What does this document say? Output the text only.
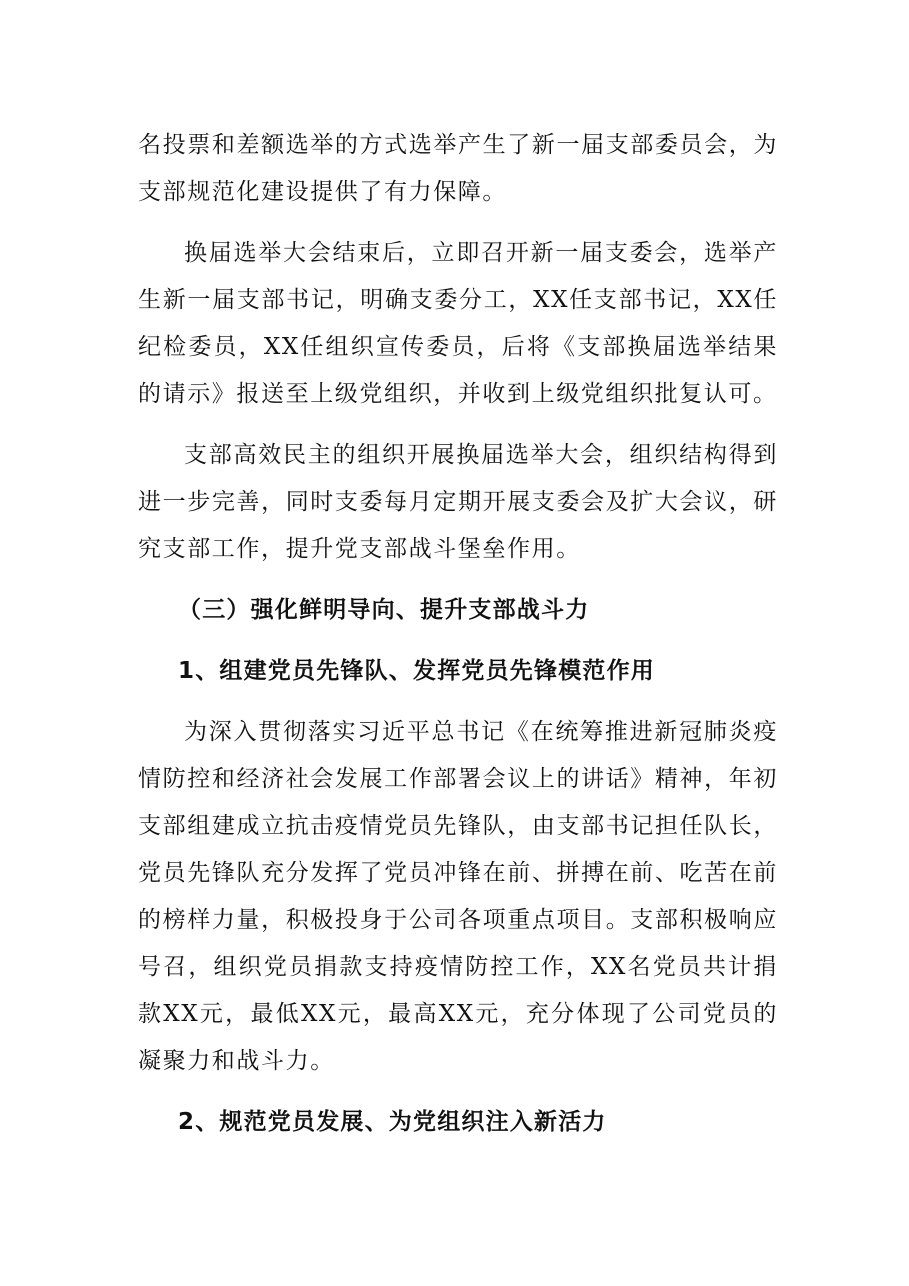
名投票和差额选举的方式选举产生了新一届支部委员会，为支部规范化建设提供了有力保障。

换届选举大会结束后，立即召开新一届支委会，选举产生新一届支部书记，明确支委分工，XX任支部书记，XX任纪检委员，XX任组织宣传委员，后将《支部换届选举结果的请示》报送至上级党组织，并收到上级党组织批复认可。

支部高效民主的组织开展换届选举大会，组织结构得到进一步完善，同时支委每月定期开展支委会及扩大会议，研究支部工作，提升党支部战斗堡垒作用。

（三）强化鲜明导向、提升支部战斗力
1、组建党员先锋队、发挥党员先锋模范作用

为深入贯彻落实习近平总书记《在统筹推进新冠肺炎疫情防控和经济社会发展工作部署会议上的讲话》精神，年初支部组建成立抗击疫情党员先锋队，由支部书记担任队长，党员先锋队充分发挥了党员冲锋在前、拼搏在前、吃苦在前的榜样力量，积极投身于公司各项重点项目。支部积极响应号召，组织党员捐款支持疫情防控工作，XX名党员共计捐款XX元，最低XX元，最高XX元，充分体现了公司党员的凝聚力和战斗力。

2、规范党员发展、为党组织注入新活力
